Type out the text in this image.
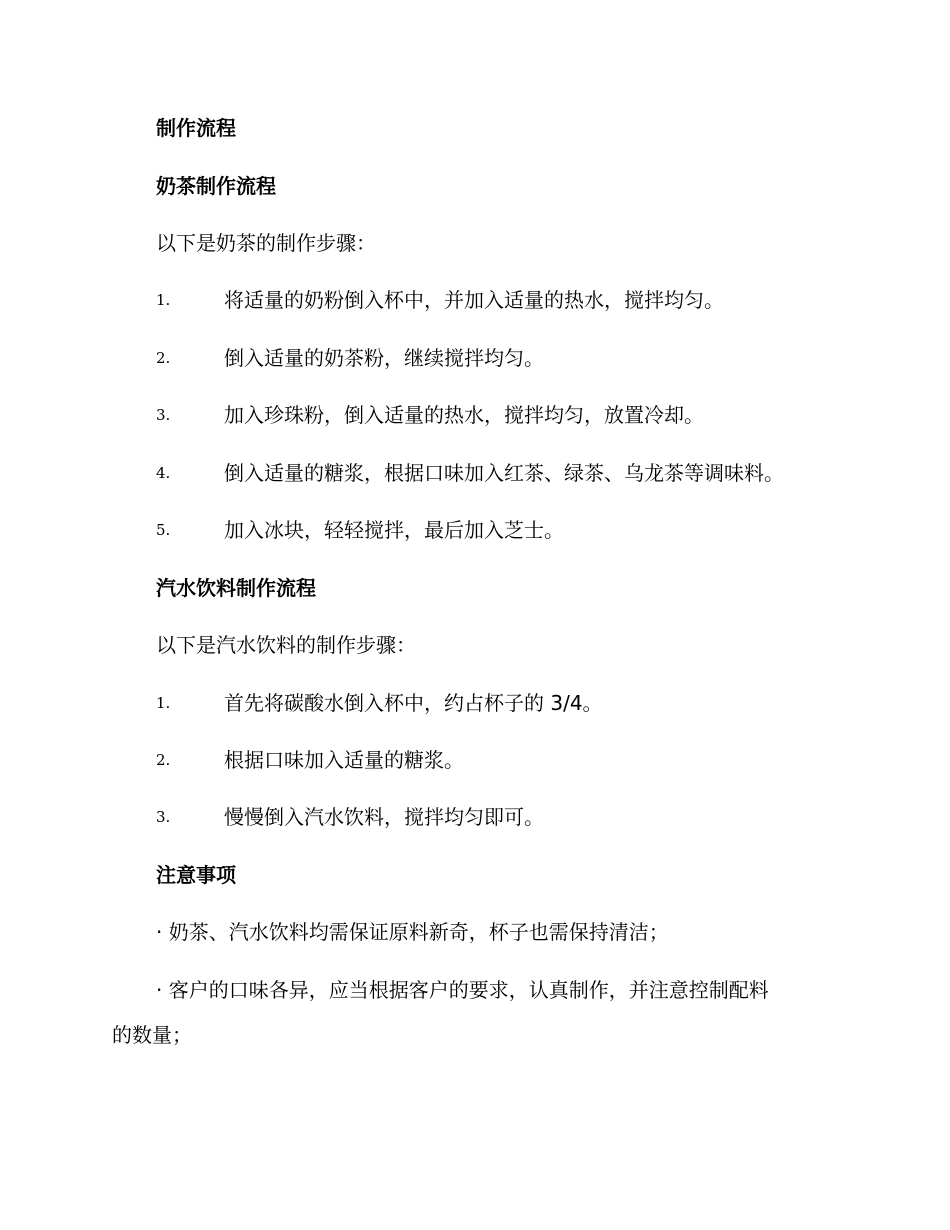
制作流程
奶茶制作流程
以下是奶茶的制作步骤：
1.	将适量的奶粉倒入杯中，并加入适量的热水，搅拌均匀。
2.	倒入适量的奶茶粉，继续搅拌均匀。
3.	加入珍珠粉，倒入适量的热水，搅拌均匀，放置冷却。
4.	倒入适量的糖浆，根据口味加入红茶、绿茶、乌龙茶等调味料。
5.	加入冰块，轻轻搅拌，最后加入芝士。
汽水饮料制作流程
以下是汽水饮料的制作步骤：
1.	首先将碳酸水倒入杯中，约占杯子的 3/4。
2.	根据口味加入适量的糖浆。
3.	慢慢倒入汽水饮料，搅拌均匀即可。
注意事项
· 奶茶、汽水饮料均需保证原料新奇，杯子也需保持清洁；
· 客户的口味各异，应当根据客户的要求，认真制作，并注意控制配料
的数量；
